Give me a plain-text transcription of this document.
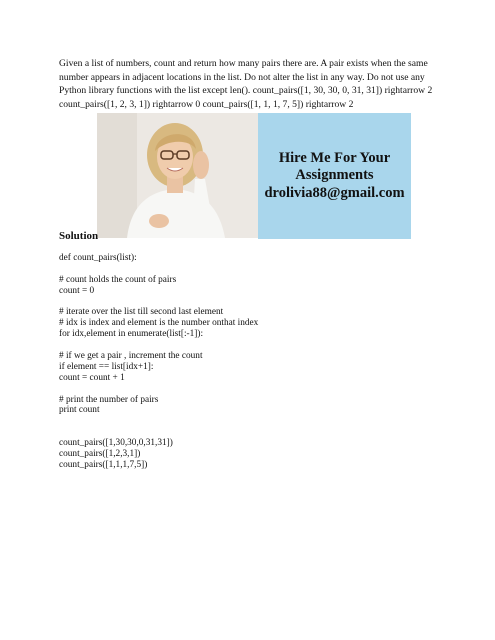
Given a list of numbers, count and return how many pairs there are. A pair exists when the same number appears in adjacent locations in the list. Do not alter the list in any way. Do not use any Python library functions with the list except len(). count_pairs([1, 30, 30, 0, 31, 31]) rightarrow 2 count_pairs([1, 2, 3, 1]) rightarrow 0 count_pairs([1, 1, 1, 7, 5]) rightarrow 2

Hire Me For Your
Assignments
drolivia88@gmail.com

Solution

def count_pairs(list):
# count holds the count of pairs
count = 0
# iterate over the list till second last element
# idx is index and element is the number onthat index
for idx,element in enumerate(list[:-1]):
# if we get a pair , increment the count
if element == list[idx+1]:
count = count + 1
# print the number of pairs
print count
count_pairs([1,30,30,0,31,31])
count_pairs([1,2,3,1])
count_pairs([1,1,1,7,5])
